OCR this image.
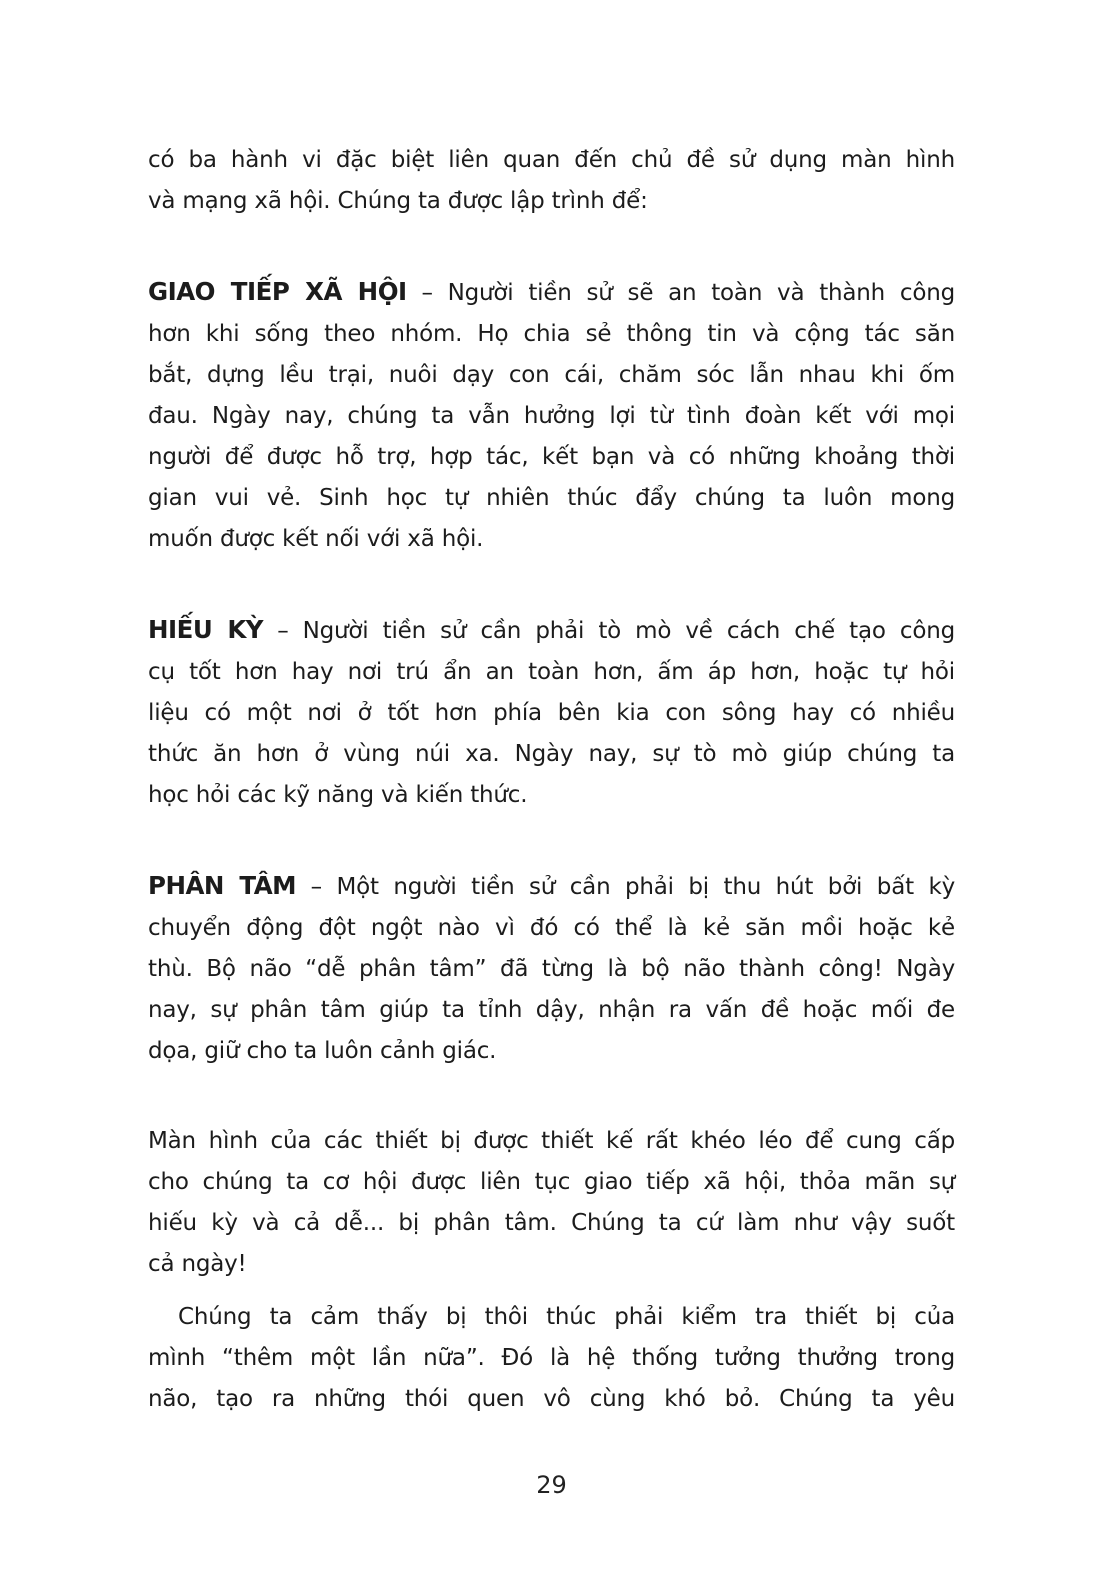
có ba hành vi đặc biệt liên quan đến chủ đề sử dụng màn hình
và mạng xã hội. Chúng ta được lập trình để:
GIAO TIẾP XÃ HỘI – Người tiền sử sẽ an toàn và thành công
hơn khi sống theo nhóm. Họ chia sẻ thông tin và cộng tác săn
bắt, dựng lều trại, nuôi dạy con cái, chăm sóc lẫn nhau khi ốm
đau. Ngày nay, chúng ta vẫn hưởng lợi từ tình đoàn kết với mọi
người để được hỗ trợ, hợp tác, kết bạn và có những khoảng thời
gian vui vẻ. Sinh học tự nhiên thúc đẩy chúng ta luôn mong
muốn được kết nối với xã hội.
HIẾU KỲ – Người tiền sử cần phải tò mò về cách chế tạo công
cụ tốt hơn hay nơi trú ẩn an toàn hơn, ấm áp hơn, hoặc tự hỏi
liệu có một nơi ở tốt hơn phía bên kia con sông hay có nhiều
thức ăn hơn ở vùng núi xa. Ngày nay, sự tò mò giúp chúng ta
học hỏi các kỹ năng và kiến thức.
PHÂN TÂM – Một người tiền sử cần phải bị thu hút bởi bất kỳ
chuyển động đột ngột nào vì đó có thể là kẻ săn mồi hoặc kẻ
thù. Bộ não “dễ phân tâm” đã từng là bộ não thành công! Ngày
nay, sự phân tâm giúp ta tỉnh dậy, nhận ra vấn đề hoặc mối đe
dọa, giữ cho ta luôn cảnh giác.
Màn hình của các thiết bị được thiết kế rất khéo léo để cung cấp
cho chúng ta cơ hội được liên tục giao tiếp xã hội, thỏa mãn sự
hiếu kỳ và cả dễ... bị phân tâm. Chúng ta cứ làm như vậy suốt
cả ngày!
Chúng ta cảm thấy bị thôi thúc phải kiểm tra thiết bị của
mình “thêm một lần nữa”. Đó là hệ thống tưởng thưởng trong
não, tạo ra những thói quen vô cùng khó bỏ. Chúng ta yêu
29
